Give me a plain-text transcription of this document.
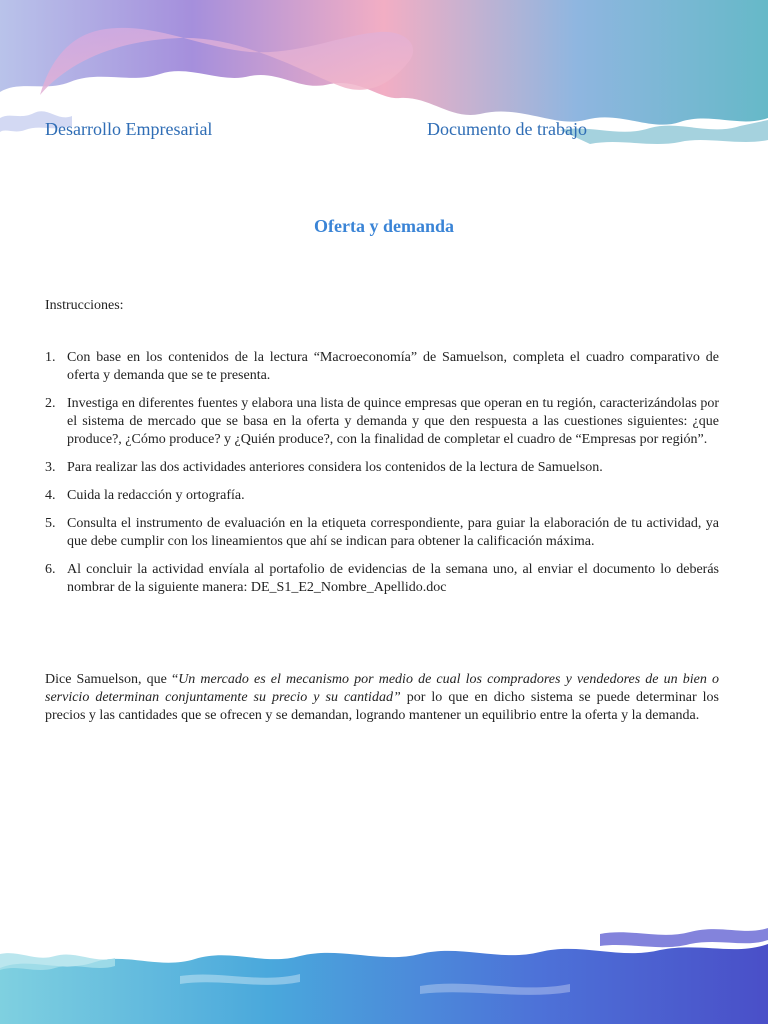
Desarrollo Empresarial	Documento de trabajo
Oferta y demanda
Instrucciones:
1. Con base en los contenidos de la lectura “Macroeconomía” de Samuelson, completa el cuadro comparativo de oferta y demanda que se te presenta.
2. Investiga en diferentes fuentes y elabora una lista de quince empresas que operan en tu región, caracterizándolas por el sistema de mercado que se basa en la oferta y demanda y que den respuesta a las cuestiones siguientes: ¿que produce?, ¿Cómo produce? y ¿Quién produce?, con la finalidad de completar el cuadro de “Empresas por región”.
3. Para realizar las dos actividades anteriores considera los contenidos de la lectura de Samuelson.
4. Cuida la redacción y ortografía.
5. Consulta el instrumento de evaluación en la etiqueta correspondiente, para guiar la elaboración de tu actividad, ya que debe cumplir con los lineamientos que ahí se indican para obtener la calificación máxima.
6. Al concluir la actividad envíala al portafolio de evidencias de la semana uno, al enviar el documento lo deberás nombrar de la siguiente manera: DE_S1_E2_Nombre_Apellido.doc

Dice Samuelson, que “Un mercado es el mecanismo por medio de cual los compradores y vendedores de un bien o servicio determinan conjuntamente su precio y su cantidad” por lo que en dicho sistema se puede determinar los precios y las cantidades que se ofrecen y se demandan, logrando mantener un equilibrio entre la oferta y la demanda.
